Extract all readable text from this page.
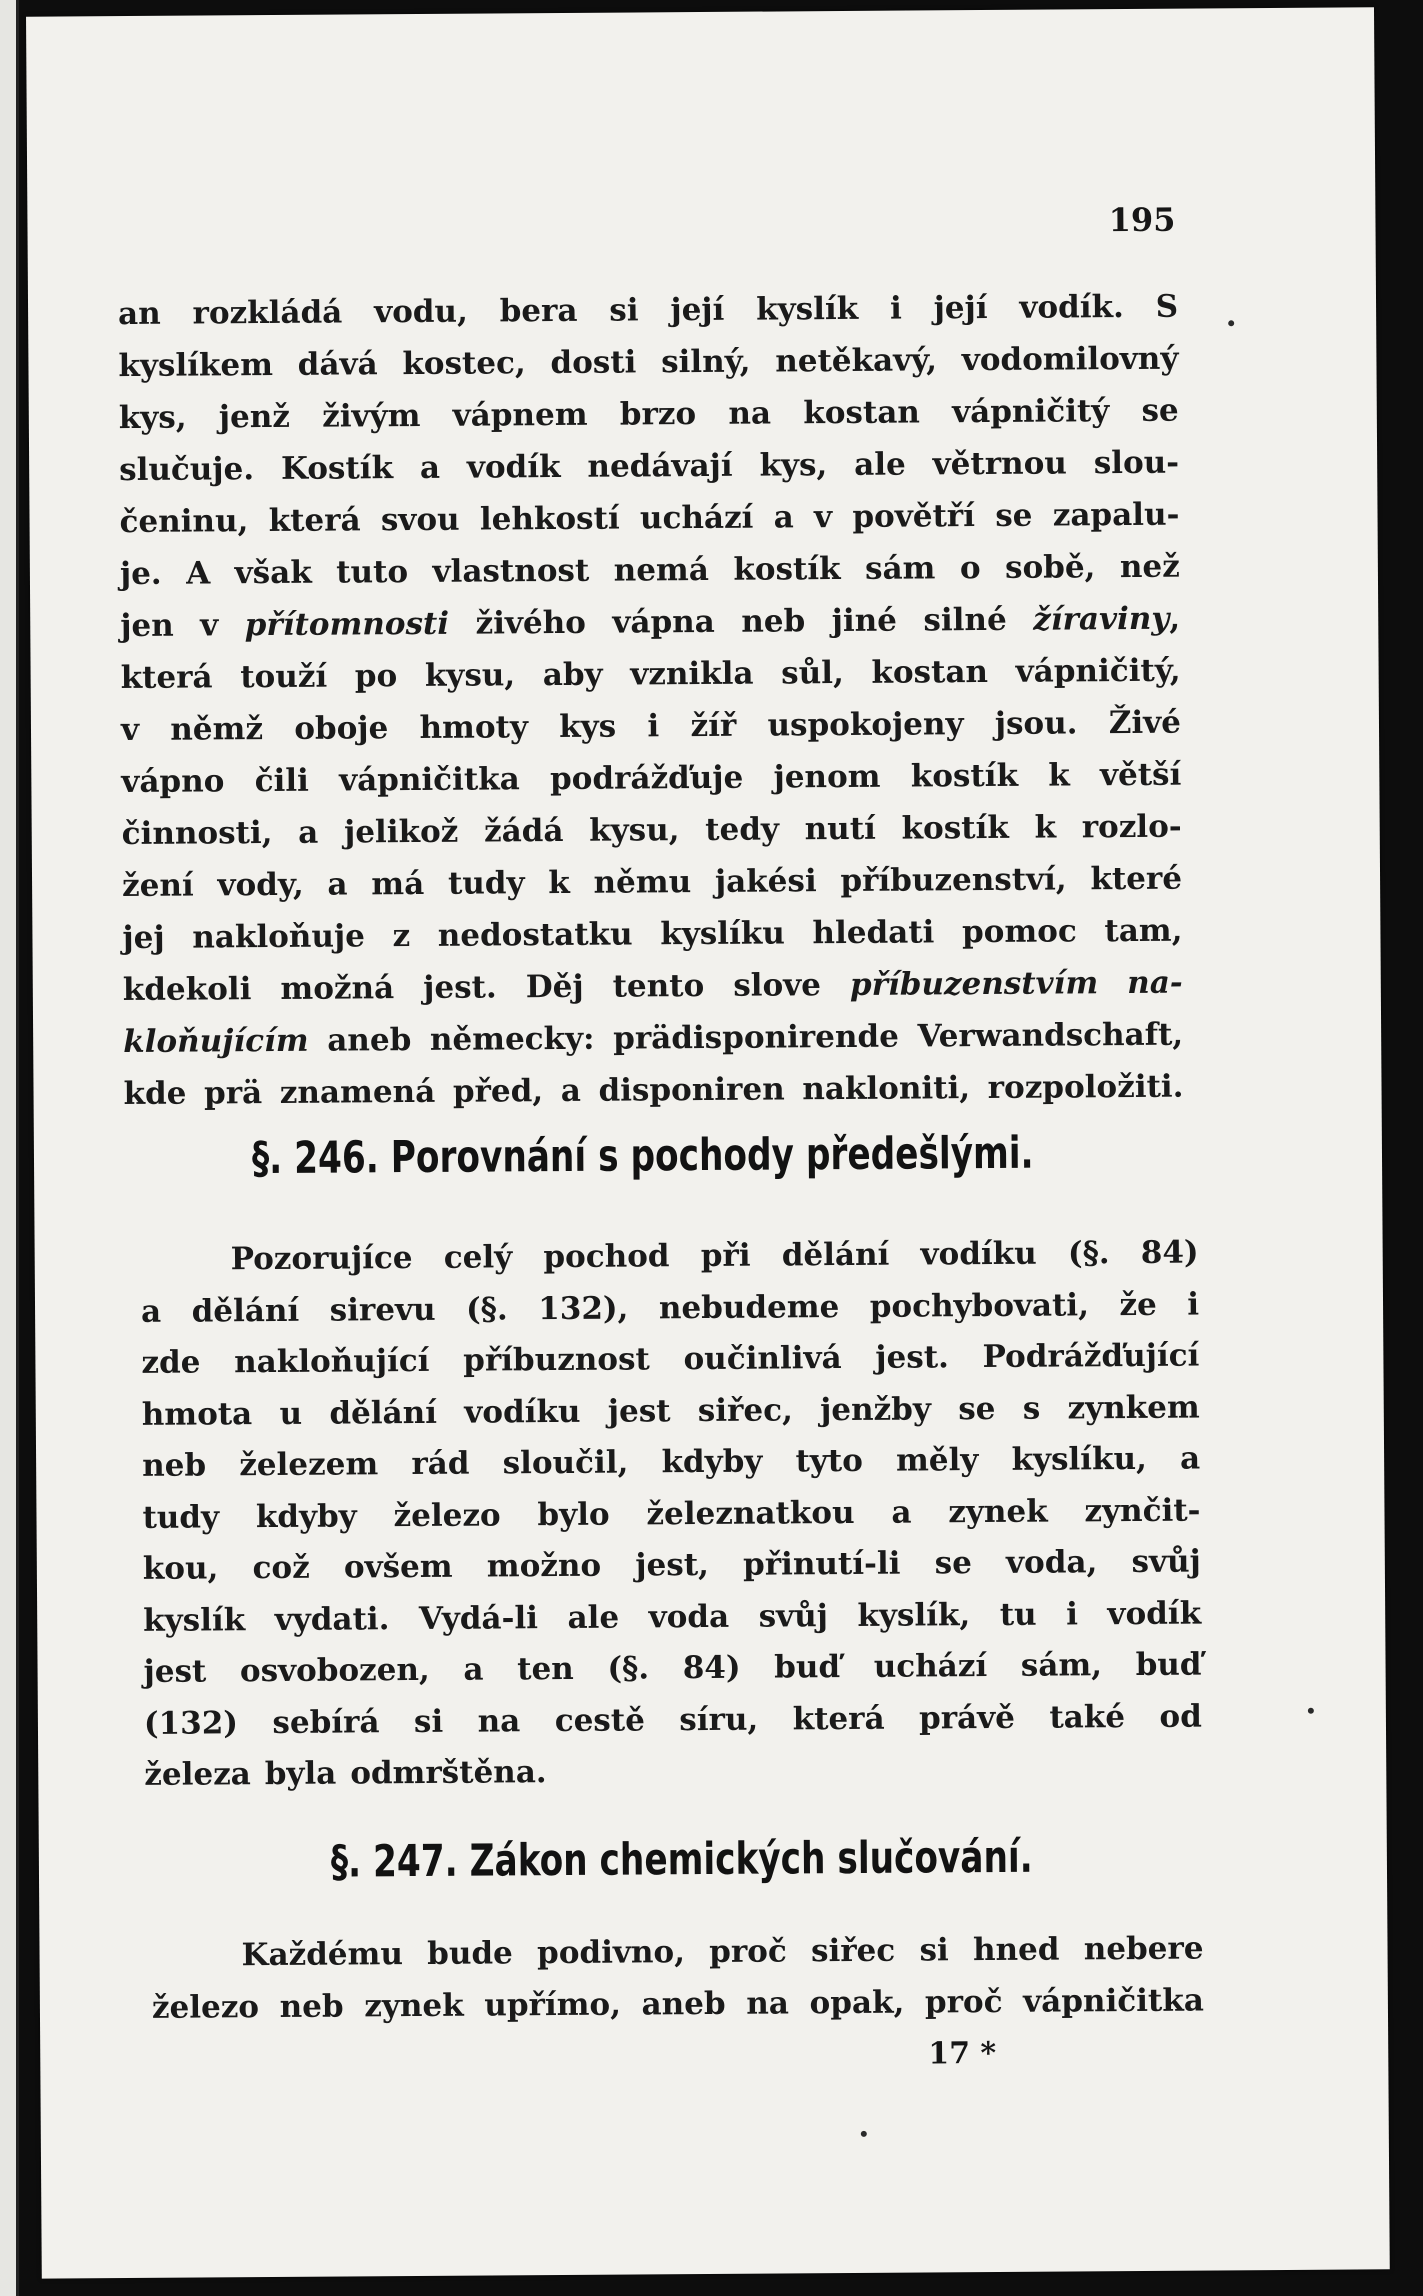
195
an rozkládá vodu, bera si její kyslík i její vodík. S
kyslíkem dává kostec, dosti silný, netěkavý, vodomilovný
kys, jenž živým vápnem brzo na kostan vápničitý se
slučuje. Kostík a vodík nedávají kys, ale větrnou slou-
čeninu, která svou lehkostí uchází a v povětří se zapalu-
je. A však tuto vlastnost nemá kostík sám o sobě, než
jen v přítomnosti živého vápna neb jiné silné žíraviny,
která touží po kysu, aby vznikla sůl, kostan vápničitý,
v němž oboje hmoty kys i žíř uspokojeny jsou. Živé
vápno čili vápničitka podrážďuje jenom kostík k větší
činnosti, a jelikož žádá kysu, tedy nutí kostík k rozlo-
žení vody, a má tudy k němu jakési příbuzenství, které
jej nakloňuje z nedostatku kyslíku hledati pomoc tam,
kdekoli možná jest. Děj tento slove příbuzenstvím na-
kloňujícím aneb německy: prädisponirende Verwandschaft,
kde prä znamená před, a disponiren nakloniti, rozpoložiti.
§. 246. Porovnání s pochody předešlými.
Pozorujíce celý pochod při dělání vodíku (§. 84)
a dělání sirevu (§. 132), nebudeme pochybovati, že i
zde nakloňující příbuznost oučinlivá jest. Podrážďující
hmota u dělání vodíku jest siřec, jenžby se s zynkem
neb železem rád sloučil, kdyby tyto měly kyslíku, a
tudy kdyby železo bylo železnatkou a zynek zynčit-
kou, což ovšem možno jest, přinutí-li se voda, svůj
kyslík vydati. Vydá-li ale voda svůj kyslík, tu i vodík
jest osvobozen, a ten (§. 84) buď uchází sám, buď
(132) sebírá si na cestě síru, která právě také od
železa byla odmrštěna.
§. 247. Zákon chemických slučování.
Každému bude podivno, proč siřec si hned nebere
železo neb zynek upřímo, aneb na opak, proč vápničitka
17 *
